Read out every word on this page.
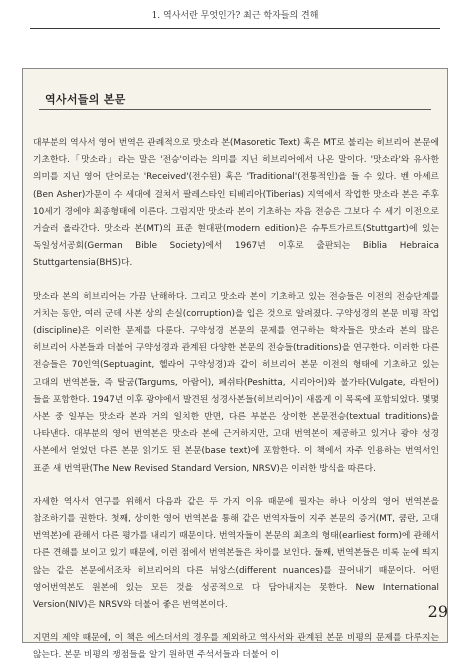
1. 역사서란 무엇인가? 최근 학자들의 견해
역사서들의 본문

대부분의 역사서 영어 번역은 관례적으로 맛소라 본(Masoretic Text) 혹은 MT로 불리는 히브리어 본문에 기초한다.「맛소라」라는 말은 '전승'이라는 의미를 지닌 히브리어에서 나온 말이다. '맛소라'와 유사한 의미를 지닌 영어 단어로는 'Received'(전수된) 혹은 'Traditional'(전통적인)을 들 수 있다. 벤 아셰르(Ben Asher)가문이 수 세대에 걸쳐서 팔레스타인 티베리아(Tiberias) 지역에서 작업한 맛소라 본은 주후 10세기 경에야 최종형태에 이른다. 그럼지만 맛소라 본이 기초하는 자음 전승은 그보다 수 세기 이전으로 거슬러 올라간다. 맛소라 본(MT)의 표준 현대판(modern edition)은 슈투트가르트(Stuttgart)에 있는 독일성서공회(German Bible Society)에서 1967년 이후로 출판되는 Biblia Hebraica Stuttgartensia(BHS)다.

맛소라 본의 히브리어는 가끔 난해하다. 그리고 맛소라 본이 기초하고 있는 전승들은 이전의 전승단계를 거치는 동안, 여러 군데 사본 상의 손실(corruption)을 입은 것으로 알려졌다. 구약성경의 본문 비평 작업(discipline)은 이러한 문제를 다룬다. 구약성경 본문의 문제를 연구하는 학자들은 맛소라 본의 많은 히브리어 사본들과 더불어 구약성경과 관계된 다양한 본문의 전승들(traditions)을 연구한다. 이러한 다른 전승들은 70인역(Septuagint, 헬라어 구약성경)과 같이 히브리어 본문 이전의 형태에 기초하고 있는 고대의 번역본들, 즉 탈굼(Targums, 아람어), 페쉬타(Peshitta, 시리아어)와 불가타(Vulgate, 라틴어)들을 포함한다. 1947년 이후 광야에서 발견된 성경사본들(히브리어)이 새롭게 이 목록에 포함되었다. 몇몇 사본 중 일부는 맛소라 본과 거의 일치한 반면, 다른 부분은 상이한 본문전승(textual traditions)을 나타낸다. 대부분의 영어 번역본은 맛소라 본에 근거하지만, 고대 번역본이 제공하고 있거나 광야 성경 사본에서 얻었던 다른 본문 읽기도 된 본문(base text)에 포함한다. 이 책에서 자주 인용하는 번역서인 표준 새 번역판(The New Revised Standard Version, NRSV)은 이러한 방식을 따른다.

자세한 역사서 연구를 위해서 다음과 같은 두 가지 이유 때문에 필자는 하나 이상의 영어 번역본을 참조하기를 권한다. 첫째, 상이한 영어 번역본을 통해 같은 번역자들이 지주 본문의 증거(MT, 쿰란, 고대 번역본)에 관해서 다른 평가를 내리기 때문이다. 번역자들이 본문의 최초의 형태(earliest form)에 관해서 다른 견해를 보이고 있기 때문에, 이런 점에서 번역본들은 차이를 보인다. 둘째, 번역본들은 비록 눈에 띄지 않는 같은 본문에서조차 히브리어의 다른 뉘앙스(different nuances)를 끌어내기 때문이다. 어떤 영어번역본도 원본에 있는 모든 것을 성공적으로 다 담아내지는 못한다. New International Version(NIV)은 NRSV와 더불어 좋은 번역본이다.

지면의 제약 때문에, 이 책은 에스더서의 경우를 제외하고 역사서와 관계된 본문 비평의 문제를 다루지는 않는다. 본문 비평의 쟁점들을 알기 원하면 주석서들과 더불어 이

29
